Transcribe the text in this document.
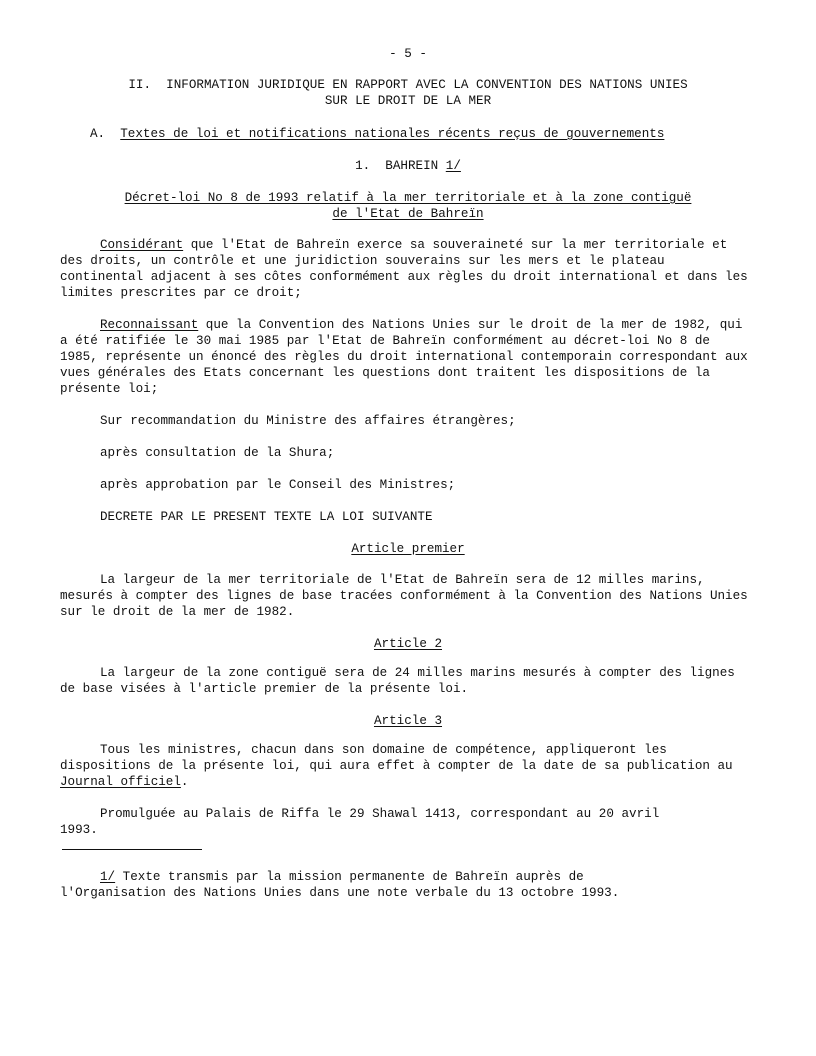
- 5 -
II. INFORMATION JURIDIQUE EN RAPPORT AVEC LA CONVENTION DES NATIONS UNIES
SUR LE DROIT DE LA MER
A. Textes de loi et notifications nationales récents reçus de gouvernements
1.  BAHREIN 1/
Décret-loi No 8 de 1993 relatif à la mer territoriale et à la zone contiguë
de l'Etat de Bahreïn
Considérant que l'Etat de Bahreïn exerce sa souveraineté sur la mer territoriale et des droits, un contrôle et une juridiction souverains sur les mers et le plateau continental adjacent à ses côtes conformément aux règles du droit international et dans les limites prescrites par ce droit;
Reconnaissant que la Convention des Nations Unies sur le droit de la mer de 1982, qui a été ratifiée le 30 mai 1985 par l'Etat de Bahreïn conformément au décret-loi No 8 de 1985, représente un énoncé des règles du droit international contemporain correspondant aux vues générales des Etats concernant les questions dont traitent les dispositions de la présente loi;
Sur recommandation du Ministre des affaires étrangères;
après consultation de la Shura;
après approbation par le Conseil des Ministres;
DECRETE PAR LE PRESENT TEXTE LA LOI SUIVANTE
Article premier
La largeur de la mer territoriale de l'Etat de Bahreïn sera de 12 milles marins, mesurés à compter des lignes de base tracées conformément à la Convention des Nations Unies sur le droit de la mer de 1982.
Article 2
La largeur de la zone contiguë sera de 24 milles marins mesurés à compter des lignes de base visées à l'article premier de la présente loi.
Article 3
Tous les ministres, chacun dans son domaine de compétence, appliqueront les dispositions de la présente loi, qui aura effet à compter de la date de sa publication au Journal officiel.
Promulguée au Palais de Riffa le 29 Shawal 1413, correspondant au 20 avril 1993.
1/ Texte transmis par la mission permanente de Bahreïn auprès de l'Organisation des Nations Unies dans une note verbale du 13 octobre 1993.
